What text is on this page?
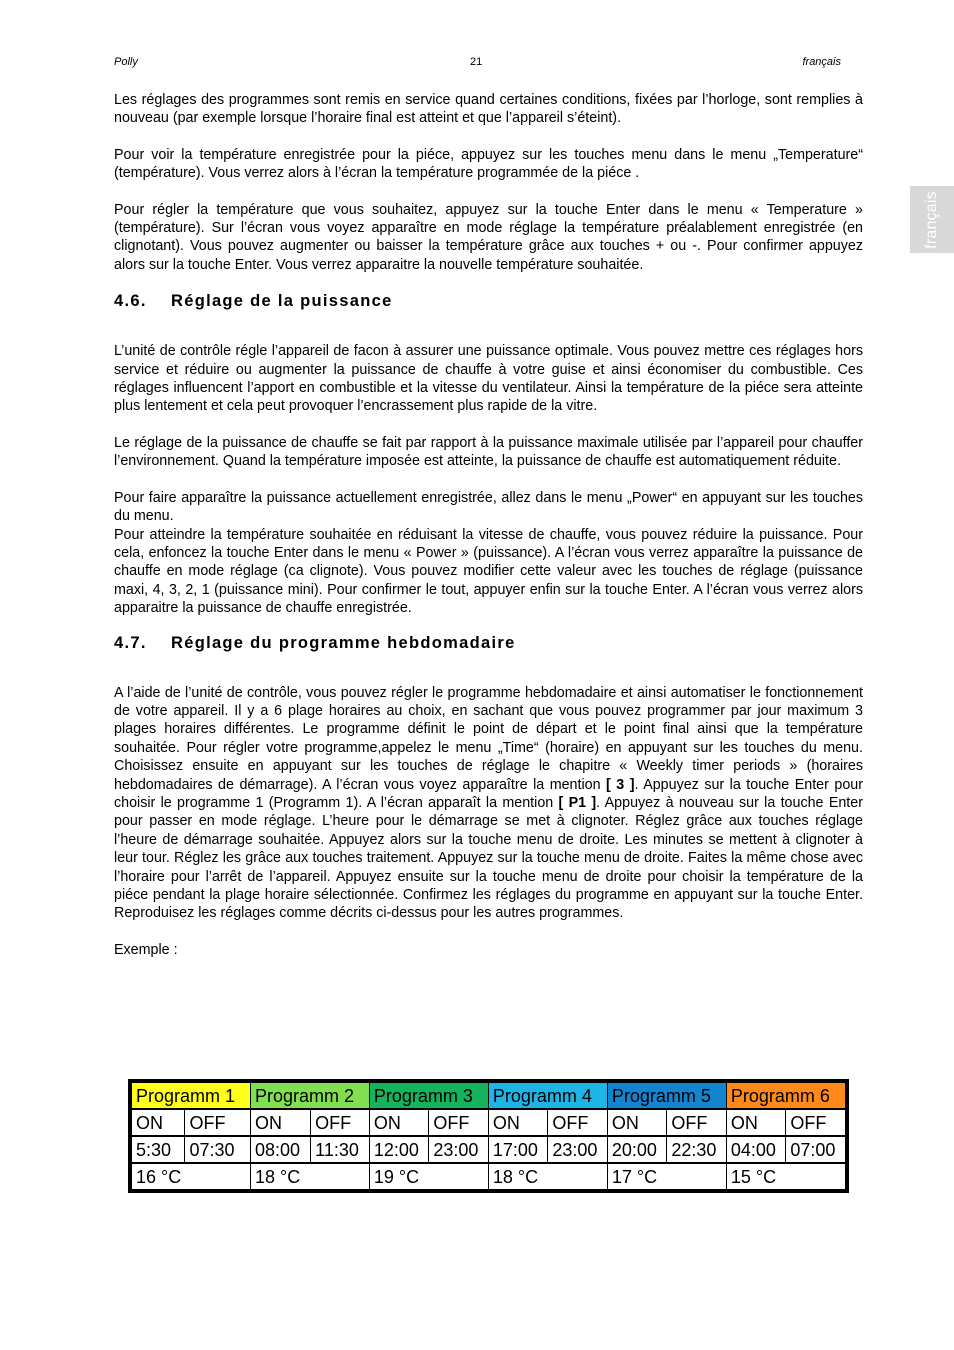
Polly	21	français
français

Les réglages des programmes sont remis en service quand certaines conditions, fixées par l’horloge, sont remplies à nouveau (par exemple lorsque l’horaire final est atteint et que l’appareil s’éteint).

Pour voir la température enregistrée pour la piéce, appuyez sur les touches menu dans le menu „Temperature“ (température). Vous verrez alors à l’écran la température programmée de la piéce .

Pour régler la température que vous souhaitez, appuyez sur la touche Enter dans le menu « Temperature » (température). Sur l’écran vous voyez apparaître en mode réglage la température préalablement enregistrée (en clignotant). Vous pouvez augmenter ou baisser la température grâce aux touches + ou -. Pour confirmer appuyez alors sur la touche Enter. Vous verrez apparaitre la nouvelle température souhaitée.

4.6. Réglage de la puissance

L’unité de contrôle régle l’appareil de facon à assurer une puissance optimale. Vous pouvez mettre ces réglages hors service et réduire ou augmenter la puissance de chauffe à votre guise et ainsi économiser du combustible. Ces réglages influencent l’apport en combustible et la vitesse du ventilateur. Ainsi la température de la piéce sera atteinte plus lentement et cela peut provoquer l’encrassement plus rapide de la vitre.

Le réglage de la puissance de chauffe se fait par rapport à la puissance maximale utilisée par l’appareil pour chauffer l’environnement. Quand la température imposée est atteinte, la puissance de chauffe est automatiquement réduite.

Pour faire apparaître la puissance actuellement enregistrée, allez dans le menu „Power“ en appuyant sur les touches du menu.

Pour atteindre la température souhaitée en réduisant la vitesse de chauffe, vous pouvez réduire la puissance. Pour cela, enfoncez la touche Enter dans le menu « Power » (puissance). A l’écran vous verrez apparaître la puissance de chauffe en mode réglage (ca clignote). Vous pouvez modifier cette valeur avec les touches de réglage (puissance maxi, 4, 3, 2, 1 (puissance mini). Pour confirmer le tout, appuyer enfin sur la touche Enter. A l’écran vous verrez alors apparaitre la puissance de chauffe enregistrée.

4.7. Réglage du programme hebdomadaire

A l’aide de l’unité de contrôle, vous pouvez régler le programme hebdomadaire et ainsi automatiser le fonctionnement de votre appareil. Il y a 6 plage horaires au choix, en sachant que vous pouvez programmer par jour maximum 3 plages horaires différentes. Le programme définit le point de départ et le point final ainsi que la température souhaitée. Pour régler votre programme,appelez le menu „Time“ (horaire) en appuyant sur les touches du menu. Choisissez ensuite en appuyant sur les touches de réglage le chapitre « Weekly timer periods » (horaires hebdomadaires de démarrage). A l’écran vous voyez apparaître la mention [ 3 ]. Appuyez sur la touche Enter pour choisir le programme 1 (Programm 1). A l’écran apparaît la mention [ P1 ]. Appuyez à nouveau sur la touche Enter pour passer en mode réglage. L’heure pour le démarrage se met à clignoter. Réglez grâce aux touches réglage l’heure de démarrage souhaitée. Appuyez alors sur la touche menu de droite. Les minutes se mettent à clignoter à leur tour. Réglez les grâce aux touches traitement. Appuyez sur la touche menu de droite. Faites la même chose avec l’horaire pour l’arrêt de l’appareil. Appuyez ensuite sur la touche menu de droite pour choisir la température de la piéce pendant la plage horaire sélectionnée. Confirmez les réglages du programme en appuyant sur la touche Enter. Reproduisez les réglages comme décrits ci-dessus pour les autres programmes.

Exemple :

Programm 1		Programm 2		Programm 3		Programm 4		Programm 5		Programm 6	
ON	OFF	ON	OFF	ON	OFF	ON	OFF	ON	OFF	ON	OFF
5:30	07:30	08:00	11:30	12:00	23:00	17:00	23:00	20:00	22:30	04:00	07:00
16 °C		18 °C		19 °C		18 °C		17 °C		15 °C	
